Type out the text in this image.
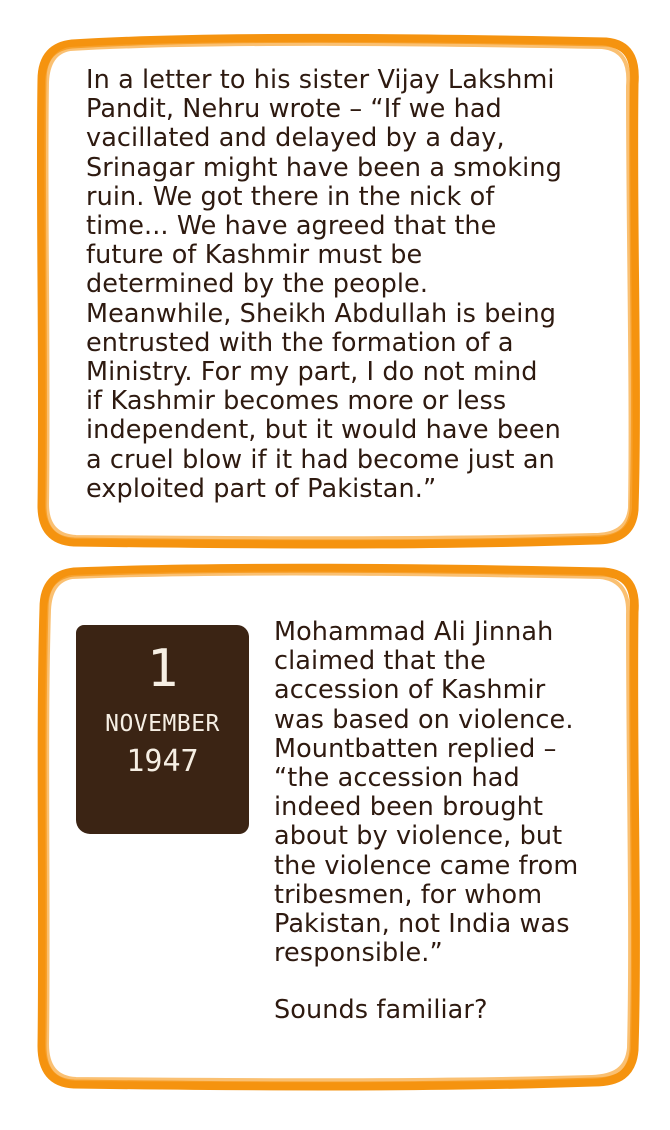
In a letter to his sister Vijay Lakshmi
Pandit, Nehru wrote – “If we had
vacillated and delayed by a day,
Srinagar might have been a smoking
ruin. We got there in the nick of
time... We have agreed that the
future of Kashmir must be
determined by the people.
Meanwhile, Sheikh Abdullah is being
entrusted with the formation of a
Ministry. For my part, I do not mind
if Kashmir becomes more or less
independent, but it would have been
a cruel blow if it had become just an
exploited part of Pakistan.”
1
NOVEMBER
1947
Mohammad Ali Jinnah
claimed that the
accession of Kashmir
was based on violence.
Mountbatten replied –
“the accession had
indeed been brought
about by violence, but
the violence came from
tribesmen, for whom
Pakistan, not India was
responsible.”
Sounds familiar?
